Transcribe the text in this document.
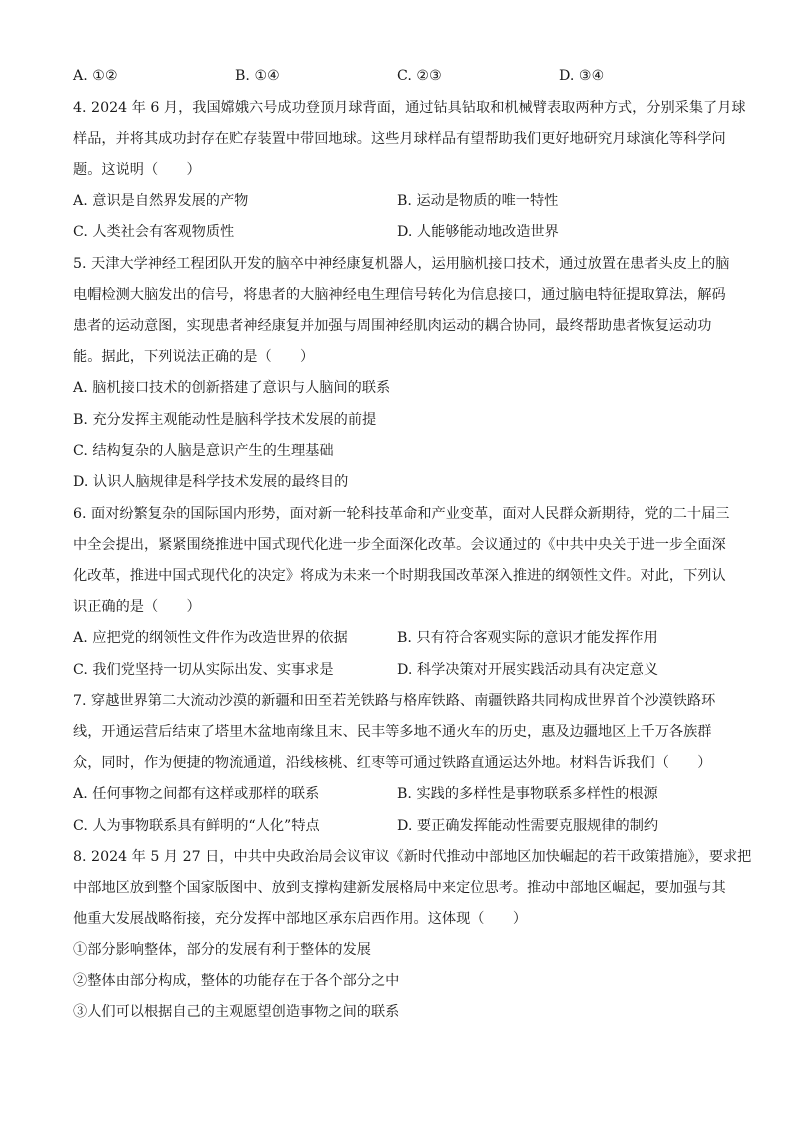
A. ①②	B. ①④	C. ②③	D. ③④
4. 2024 年 6 月，我国嫦娥六号成功登顶月球背面，通过钻具钻取和机械臂表取两种方式，分别采集了月球
样品，并将其成功封存在贮存装置中带回地球。这些月球样品有望帮助我们更好地研究月球演化等科学问
题。这说明（　　）
A. 意识是自然界发展的产物	B. 运动是物质的唯一特性
C. 人类社会有客观物质性	D. 人能够能动地改造世界
5. 天津大学神经工程团队开发的脑卒中神经康复机器人，运用脑机接口技术，通过放置在患者头皮上的脑
电帽检测大脑发出的信号，将患者的大脑神经电生理信号转化为信息接口，通过脑电特征提取算法，解码
患者的运动意图，实现患者神经康复并加强与周围神经肌肉运动的耦合协同，最终帮助患者恢复运动功
能。据此，下列说法正确的是（　　）
A. 脑机接口技术的创新搭建了意识与人脑间的联系
B. 充分发挥主观能动性是脑科学技术发展的前提
C. 结构复杂的人脑是意识产生的生理基础
D. 认识人脑规律是科学技术发展的最终目的
6. 面对纷繁复杂的国际国内形势，面对新一轮科技革命和产业变革，面对人民群众新期待，党的二十届三
中全会提出，紧紧围绕推进中国式现代化进一步全面深化改革。会议通过的《中共中央关于进一步全面深
化改革，推进中国式现代化的决定》将成为未来一个时期我国改革深入推进的纲领性文件。对此，下列认
识正确的是（　　）
A. 应把党的纲领性文件作为改造世界的依据	B. 只有符合客观实际的意识才能发挥作用
C. 我们党坚持一切从实际出发、实事求是	D. 科学决策对开展实践活动具有决定意义
7. 穿越世界第二大流动沙漠的新疆和田至若羌铁路与格库铁路、南疆铁路共同构成世界首个沙漠铁路环
线，开通运营后结束了塔里木盆地南缘且末、民丰等多地不通火车的历史，惠及边疆地区上千万各族群
众，同时，作为便捷的物流通道，沿线核桃、红枣等可通过铁路直通运达外地。材料告诉我们（　　）
A. 任何事物之间都有这样或那样的联系	B. 实践的多样性是事物联系多样性的根源
C. 人为事物联系具有鲜明的“人化”特点	D. 要正确发挥能动性需要克服规律的制约
8. 2024 年 5 月 27 日，中共中央政治局会议审议《新时代推动中部地区加快崛起的若干政策措施》，要求把
中部地区放到整个国家版图中、放到支撑构建新发展格局中来定位思考。推动中部地区崛起，要加强与其
他重大发展战略衔接，充分发挥中部地区承东启西作用。这体现（　　）
①部分影响整体，部分的发展有利于整体的发展
②整体由部分构成，整体的功能存在于各个部分之中
③人们可以根据自己的主观愿望创造事物之间的联系
